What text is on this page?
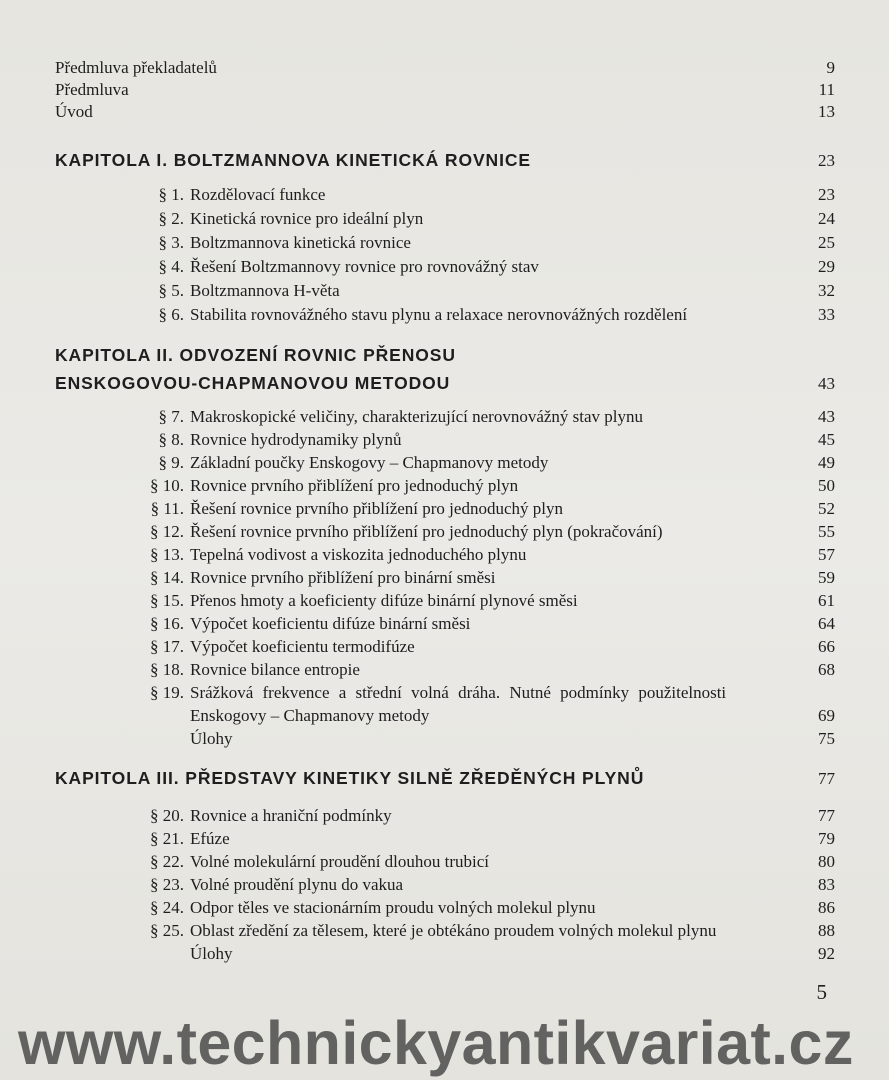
Předmluva překladatelů	9
Předmluva	11
Úvod	13
KAPITOLA I. BOLTZMANNOVA KINETICKÁ ROVNICE	23
§ 1. Rozdělovací funkce	23
§ 2. Kinetická rovnice pro ideální plyn	24
§ 3. Boltzmannova kinetická rovnice	25
§ 4. Řešení Boltzmannovy rovnice pro rovnovážný stav	29
§ 5. Boltzmannova H-věta	32
§ 6. Stabilita rovnovážného stavu plynu a relaxace nerovnovážných rozdělení	33
KAPITOLA II. ODVOZENÍ ROVNIC PŘENOSU
ENSKOGOVOU-CHAPMANOVOU METODOU	43
§ 7. Makroskopické veličiny, charakterizující nerovnovážný stav plynu	43
§ 8. Rovnice hydrodynamiky plynů	45
§ 9. Základní poučky Enskogovy – Chapmanovy metody	49
§ 10. Rovnice prvního přiblížení pro jednoduchý plyn	50
§ 11. Řešení rovnice prvního přiblížení pro jednoduchý plyn	52
§ 12. Řešení rovnice prvního přiblížení pro jednoduchý plyn (pokračování)	55
§ 13. Tepelná vodivost a viskozita jednoduchého plynu	57
§ 14. Rovnice prvního přiblížení pro binární směsi	59
§ 15. Přenos hmoty a koeficienty difúze binární plynové směsi	61
§ 16. Výpočet koeficientu difúze binární směsi	64
§ 17. Výpočet koeficientu termodifúze	66
§ 18. Rovnice bilance entropie	68
§ 19. Srážková frekvence a střední volná dráha. Nutné podmínky použitelnosti
Enskogovy – Chapmanovy metody	69
Úlohy	75
KAPITOLA III. PŘEDSTAVY KINETIKY SILNĚ ZŘEDĚNÝCH PLYNŮ	77
§ 20. Rovnice a hraniční podmínky	77
§ 21. Efúze	79
§ 22. Volné molekulární proudění dlouhou trubicí	80
§ 23. Volné proudění plynu do vakua	83
§ 24. Odpor těles ve stacionárním proudu volných molekul plynu	86
§ 25. Oblast zředění za tělesem, které je obtékáno proudem volných molekul plynu	88
Úlohy	92
5
www.technickyantikvariat.cz
